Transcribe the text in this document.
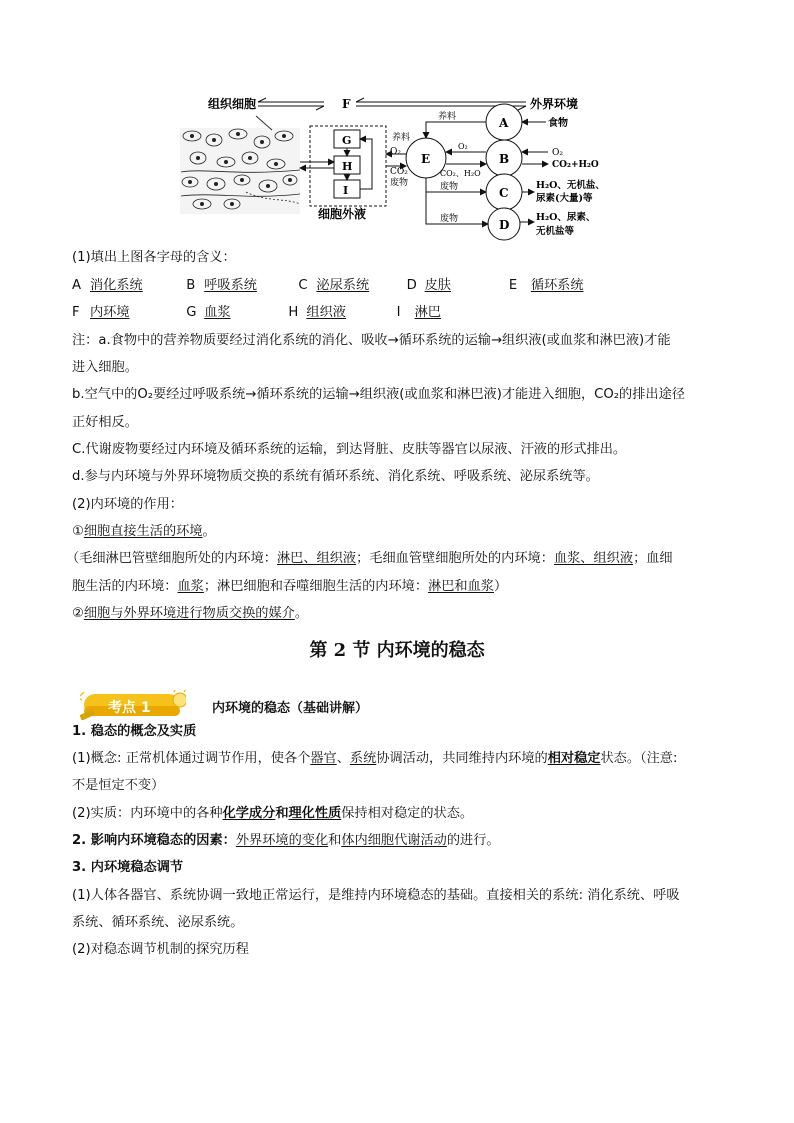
组织细胞	F	外界环境
G
H
I
细胞外液
E
养料
O₂
CO₂
废物
A
B
C
D
养料
食物
O₂
CO₂、H₂O
O₂
CO₂+H₂O
废物
废物
H₂O、无机盐、
尿素(大量)等
H₂O、尿素、
无机盐等
(1)填出上图各字母的含义：
A 消化系统	B 呼吸系统	C 泌尿系统	D 皮肤	E 循环系统
F 内环境	G 血浆	H 组织液	I 淋巴
注：a.食物中的营养物质要经过消化系统的消化、吸收→循环系统的运输→组织液(或血浆和淋巴液)才能
进入细胞。
b.空气中的O₂要经过呼吸系统→循环系统的运输→组织液(或血浆和淋巴液)才能进入细胞，CO₂的排出途径
正好相反。
C.代谢废物要经过内环境及循环系统的运输，到达肾脏、皮肤等器官以尿液、汗液的形式排出。
d.参与内环境与外界环境物质交换的系统有循环系统、消化系统、呼吸系统、泌尿系统等。
(2)内环境的作用：
①细胞直接生活的环境。
（毛细淋巴管壁细胞所处的内环境：淋巴、组织液；毛细血管壁细胞所处的内环境：血浆、组织液；血细
胞生活的内环境：血浆；淋巴细胞和吞噬细胞生活的内环境：淋巴和血浆）
②细胞与外界环境进行物质交换的媒介。
第 2 节 内环境的稳态
考点 1	内环境的稳态（基础讲解）
1. 稳态的概念及实质
(1)概念: 正常机体通过调节作用，使各个器官、系统协调活动，共同维持内环境的相对稳定状态。（注意:
不是恒定不变）
(2)实质：内环境中的各种化学成分和理化性质保持相对稳定的状态。
2. 影响内环境稳态的因素：外界环境的变化和体内细胞代谢活动的进行。
3. 内环境稳态调节
(1)人体各器官、系统协调一致地正常运行，是维持内环境稳态的基础。直接相关的系统: 消化系统、呼吸
系统、循环系统、泌尿系统。
(2)对稳态调节机制的探究历程
